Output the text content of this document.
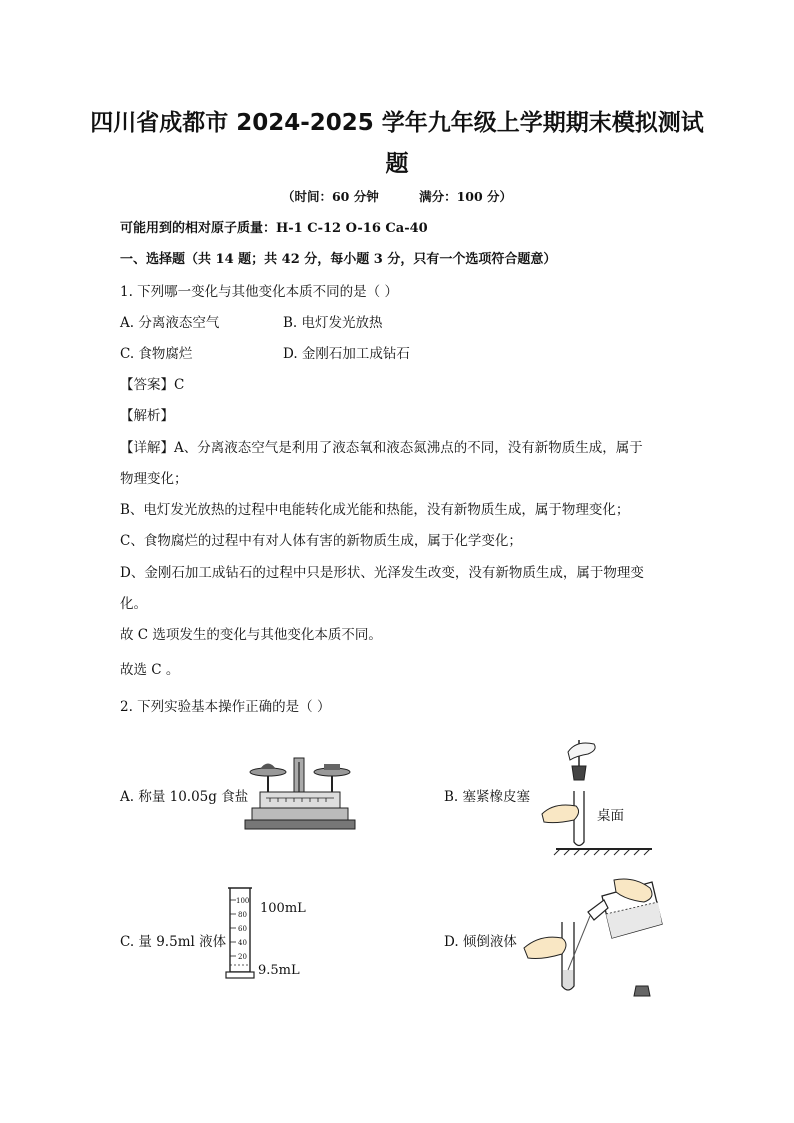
四川省成都市 2024-2025 学年九年级上学期期末模拟测试
题
（时间：60 分钟	满分：100 分）
可能用到的相对原子质量：H-1 C-12 O-16 Ca-40
一、选择题（共 14 题；共 42 分，每小题 3 分，只有一个选项符合题意）
1. 下列哪一变化与其他变化本质不同的是（ ）
A. 分离液态空气	B. 电灯发光放热
C. 食物腐烂	D. 金刚石加工成钻石
【答案】C
【解析】
【详解】A、分离液态空气是利用了液态氧和液态氮沸点的不同，没有新物质生成，属于
物理变化；
B、电灯发光放热的过程中电能转化成光能和热能，没有新物质生成，属于物理变化；
C、食物腐烂的过程中有对人体有害的新物质生成，属于化学变化；
D、金刚石加工成钻石的过程中只是形状、光泽发生改变，没有新物质生成，属于物理变
化。
故 C 选项发生的变化与其他变化本质不同。
故选 C 。
2. 下列实验基本操作正确的是（ ）
A. 称量 10.05g 食盐	B. 塞紧橡皮塞
桌面
C. 量 9.5ml 液体
100
80
60
40
20
100mL
9.5mL
D. 倾倒液体
